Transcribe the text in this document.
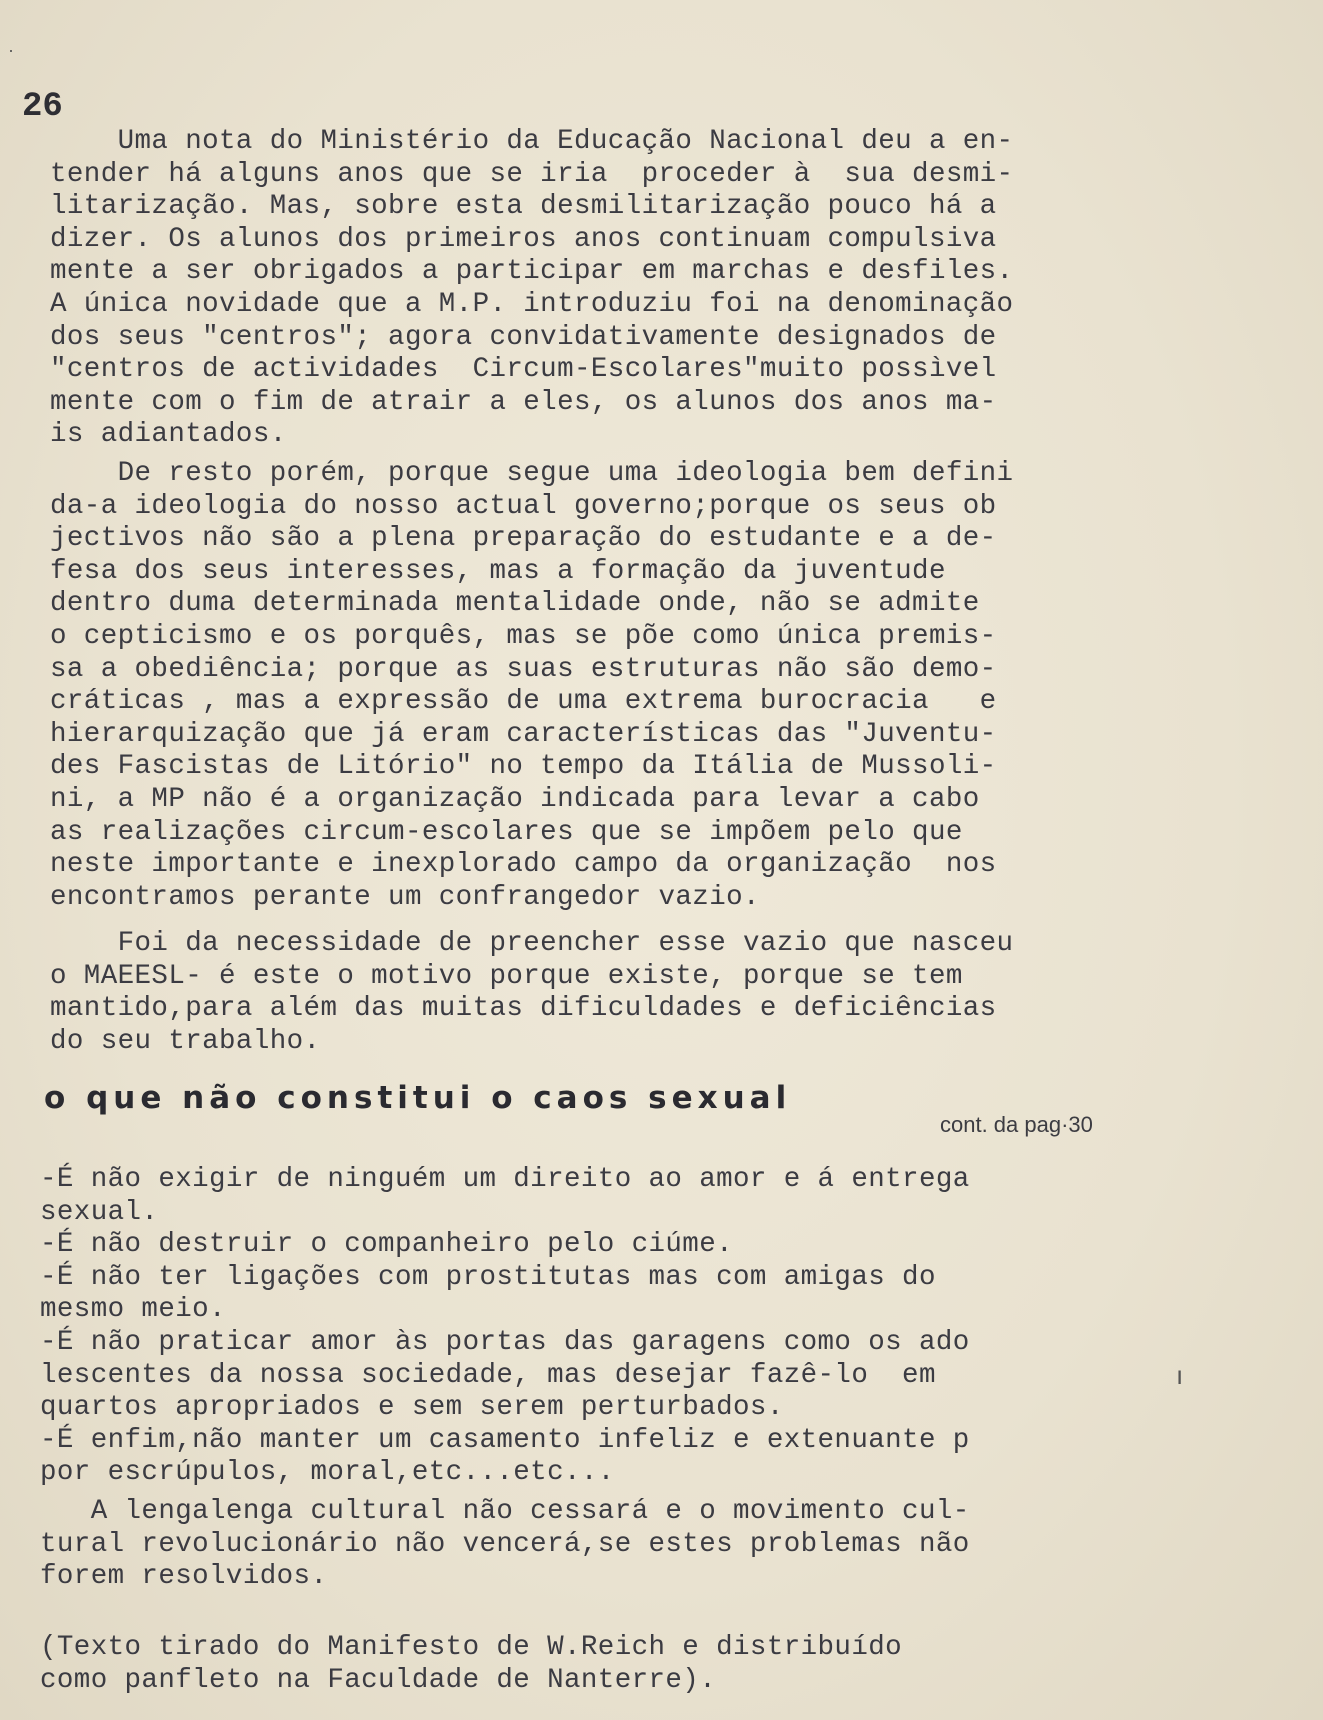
26
Uma nota do Ministério da Educação Nacional deu a en-
tender há alguns anos que se iria  proceder à  sua desmi-
litarização. Mas, sobre esta desmilitarização pouco há a
dizer. Os alunos dos primeiros anos continuam compulsiva
mente a ser obrigados a participar em marchas e desfiles.
A única novidade que a M.P. introduziu foi na denominação
dos seus "centros"; agora convidativamente designados de
"centros de actividades  Circum-Escolares"muito possìvel
mente com o fim de atrair a eles, os alunos dos anos ma-
is adiantados.
De resto porém, porque segue uma ideologia bem defini
da-a ideologia do nosso actual governo;porque os seus ob
jectivos não são a plena preparação do estudante e a de-
fesa dos seus interesses, mas a formação da juventude
dentro duma determinada mentalidade onde, não se admite
o cepticismo e os porquês, mas se põe como única premis-
sa a obediência; porque as suas estruturas não são demo-
cráticas , mas a expressão de uma extrema burocracia   e
hierarquização que já eram características das "Juventu-
des Fascistas de Litório" no tempo da Itália de Mussoli-
ni, a MP não é a organização indicada para levar a cabo
as realizações circum-escolares que se impõem pelo que
neste importante e inexplorado campo da organização  nos
encontramos perante um confrangedor vazio.
Foi da necessidade de preencher esse vazio que nasceu
o MAEESL- é este o motivo porque existe, porque se tem
mantido,para além das muitas dificuldades e deficiências
do seu trabalho.
-É não exigir de ninguém um direito ao amor e á entrega
sexual.
-É não destruir o companheiro pelo ciúme.
-É não ter ligações com prostitutas mas com amigas do
mesmo meio.
-É não praticar amor às portas das garagens como os ado
lescentes da nossa sociedade, mas desejar fazê-lo  em
quartos apropriados e sem serem perturbados.
-É enfim,não manter um casamento infeliz e extenuante p
por escrúpulos, moral,etc...etc...
A lengalenga cultural não cessará e o movimento cul-
tural revolucionário não vencerá,se estes problemas não
forem resolvidos.
(Texto tirado do Manifesto de W.Reich e distribuído
como panfleto na Faculdade de Nanterre).
o que não constitui o caos sexual
cont. da pag·30
·
ı
